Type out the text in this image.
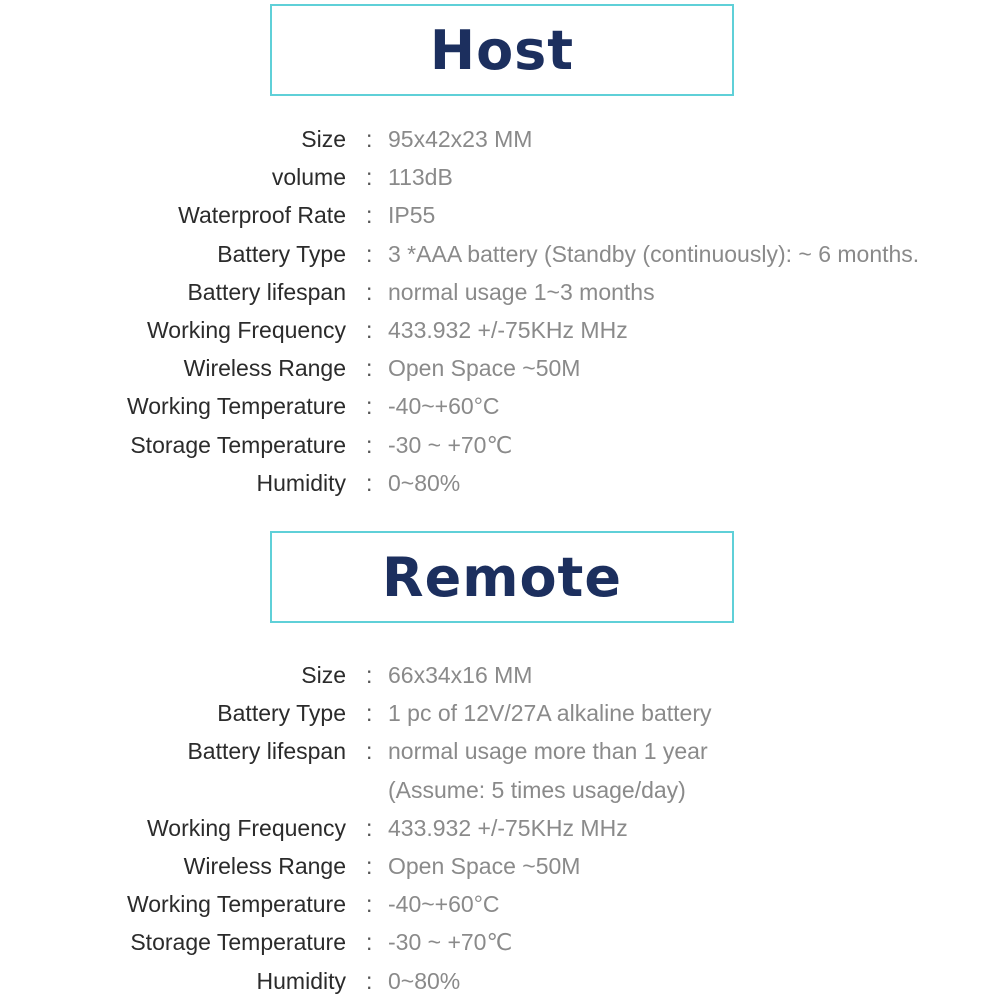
Host
Size : 95x42x23 MM
volume : 113dB
Waterproof Rate : IP55
Battery Type : 3 *AAA battery (Standby (continuously): ~ 6 months.
Battery lifespan : normal usage 1~3 months
Working Frequency : 433.932 +/-75KHz MHz
Wireless Range : Open Space ~50M
Working Temperature : -40~+60°C
Storage Temperature : -30 ~ +70℃
Humidity : 0~80%
Remote
Size : 66x34x16 MM
Battery Type : 1 pc of 12V/27A alkaline battery
Battery lifespan : normal usage more than 1 year
(Assume: 5 times usage/day)
Working Frequency : 433.932 +/-75KHz MHz
Wireless Range : Open Space ~50M
Working Temperature : -40~+60°C
Storage Temperature : -30 ~ +70℃
Humidity : 0~80%
